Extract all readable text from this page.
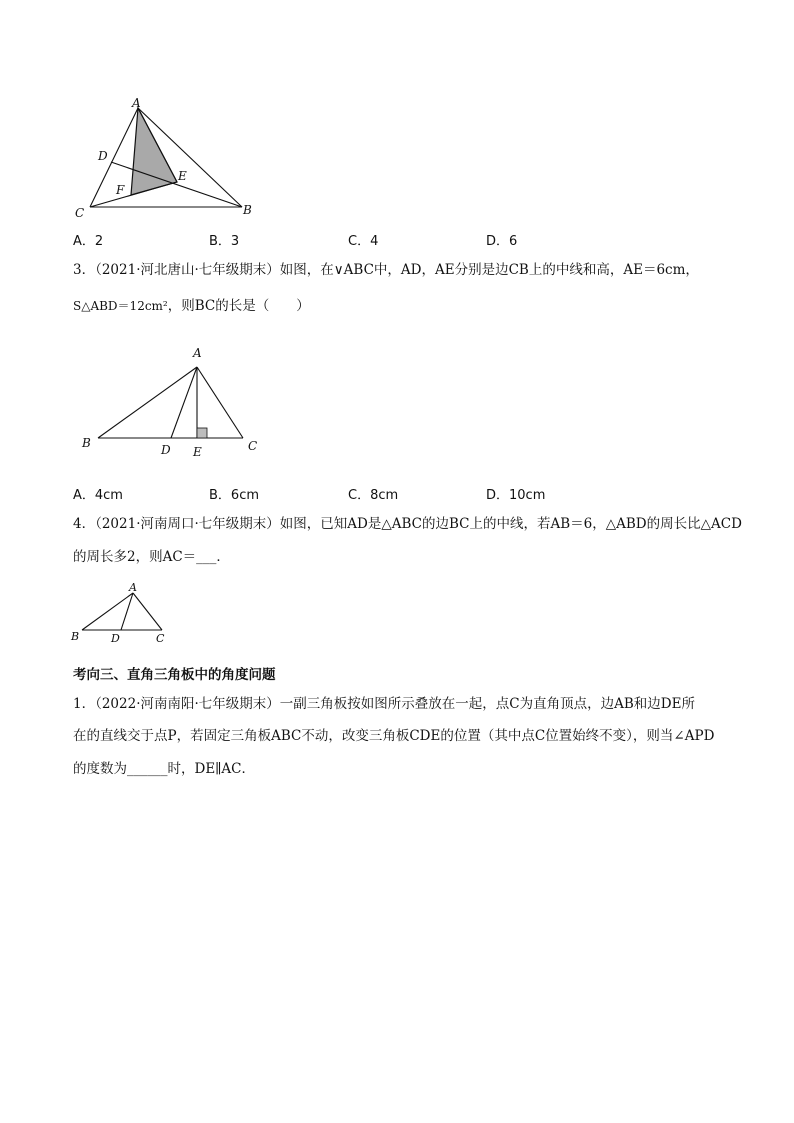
A
D
E
F
C	B
A．2	B．3	C．4	D．6
3．（2021·河北唐山·七年级期末）如图，在∨ABC中，AD，AE分别是边CB上的中线和高，AE＝6cm，
S△ABD＝12cm²，则BC的长是（　　）
A
B	D E	C
A．4cm	B．6cm	C．8cm	D．10cm
4．（2021·河南周口·七年级期末）如图，已知AD是△ABC的边BC上的中线，若AB＝6，△ABD的周长比△ACD
的周长多2，则AC＝___．
A
B	D	C
考向三、直角三角板中的角度问题
1．（2022·河南南阳·七年级期末）一副三角板按如图所示叠放在一起，点C为直角顶点，边AB和边DE所
在的直线交于点P，若固定三角板ABC不动，改变三角板CDE的位置（其中点C位置始终不变），则当∠APD
的度数为______时，DE∥AC．
